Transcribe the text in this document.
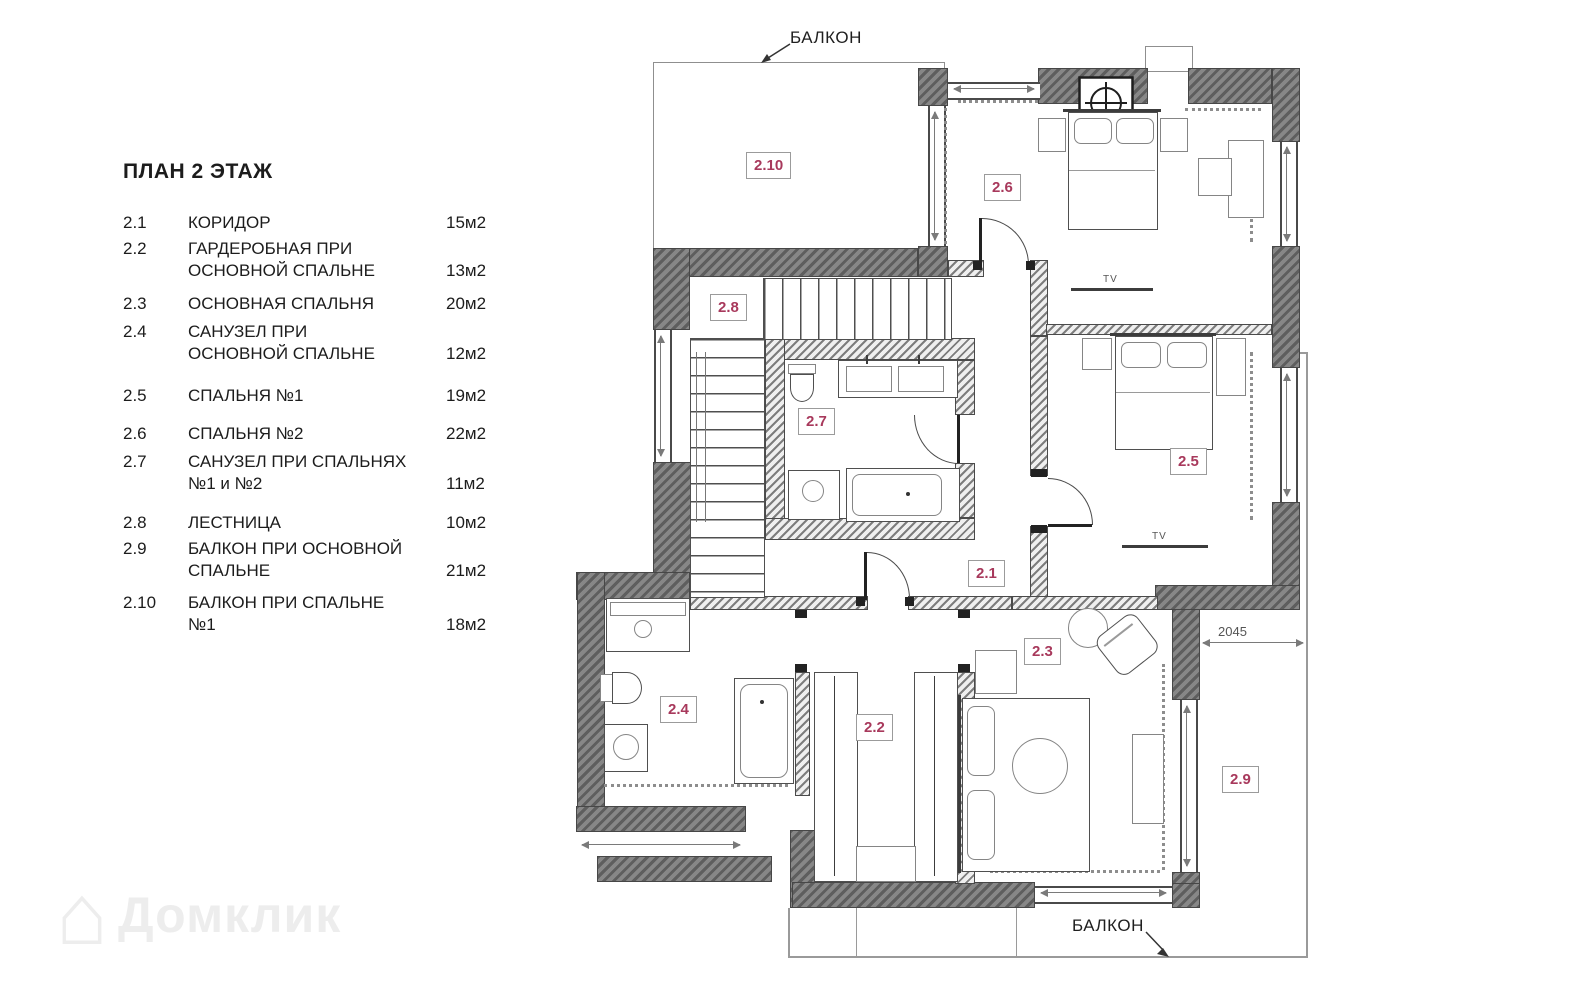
ПЛАН 2 ЭТАЖ
2.1	КОРИДОР	15м2
2.2	ГАРДЕРОБНАЯ ПРИ
ОСНОВНОЙ СПАЛЬНЕ	13м2
2.3	ОСНОВНАЯ СПАЛЬНЯ	20м2
2.4	САНУЗЕЛ ПРИ
ОСНОВНОЙ СПАЛЬНЕ	12м2
2.5	СПАЛЬНЯ №1	19м2
2.6	СПАЛЬНЯ №2	22м2
2.7	САНУЗЕЛ ПРИ СПАЛЬНЯХ
№1 и №2	11м2
2.8	ЛЕСТНИЦА	10м2
2.9	БАЛКОН ПРИ ОСНОВНОЙ
СПАЛЬНЕ	21м2
2.10	БАЛКОН ПРИ СПАЛЬНЕ
№1	18м2
TV
TV
2.1
2.2
2.3
2.4
2.5
2.6
2.7
2.8
2.9
2.10
БАЛКОН
БАЛКОН
2045
⌂ Домклик
